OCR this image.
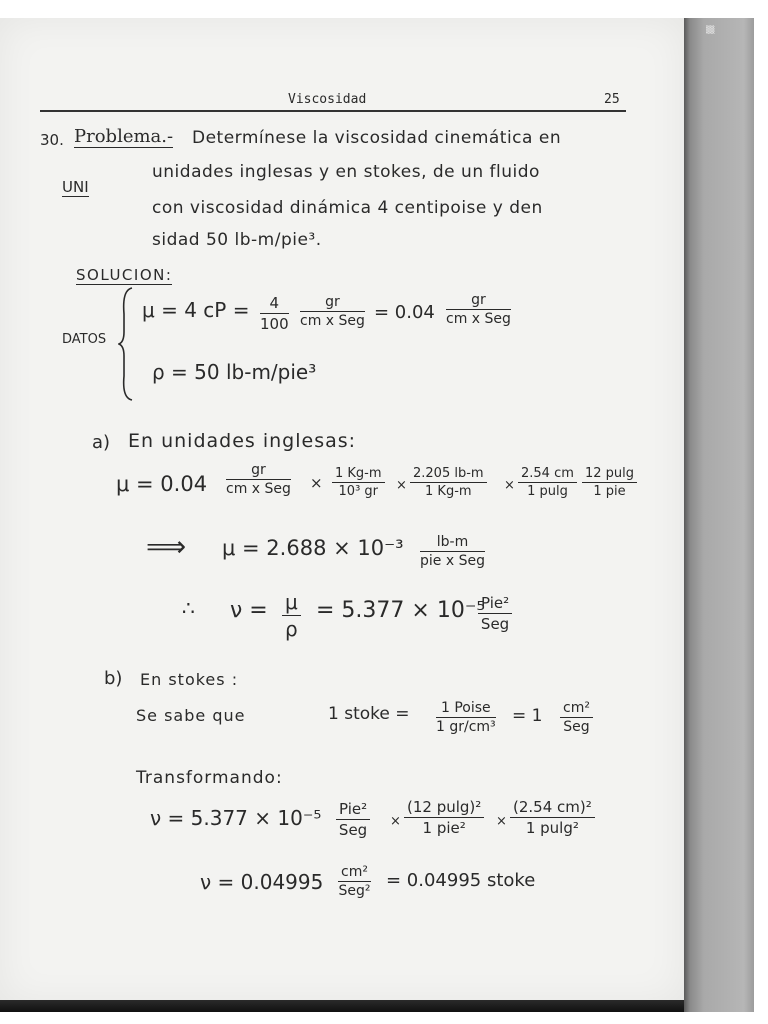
▒▒
Viscosidad	25
30. Problema.- Determínese la viscosidad cinemática en
UNI
unidades inglesas y en stokes, de un fluido
con viscosidad dinámica 4 centipoise y den
sidad 50 lb-m/pie³.
SOLUCION:
DATOS
μ = 4 cP = $\frac{4}{100}$	gr
cm x Seg = 0.04
gr
cm x Seg
ρ = 50 lb-m/pie³
a) En unidades inglesas:
μ = 0.04
gr
cm x Seg × $\frac{1 Kg-m}{\text{10³ gr}} \times \frac{2.205 lb-m}{1 Kg-m} \times \frac{2.54 cm}{1 pulg} 12$ pulg
1 pie
⟹ μ = 2.688 × 10⁻³	lb-m
pie x Seg
∴ $\nu = \frac{\mu}{\rho} = 5.377 \times 10^{-5}$
Pie²
Seg
b) En stokes :
Se sabe que	1 stoke =	1 Poise
1 gr/cm³
= 1 cm²
Seg
Transformando:
ν = 5.377 × 10⁻⁵ Pie²
Seg ×
(12 pulg)²
1 pie²	× $\frac{\text{(2.54 cm)²}}{\text{1 pulg²}}$
ν = 0.04995 cm²
Seg² = 0.04995 stoke
